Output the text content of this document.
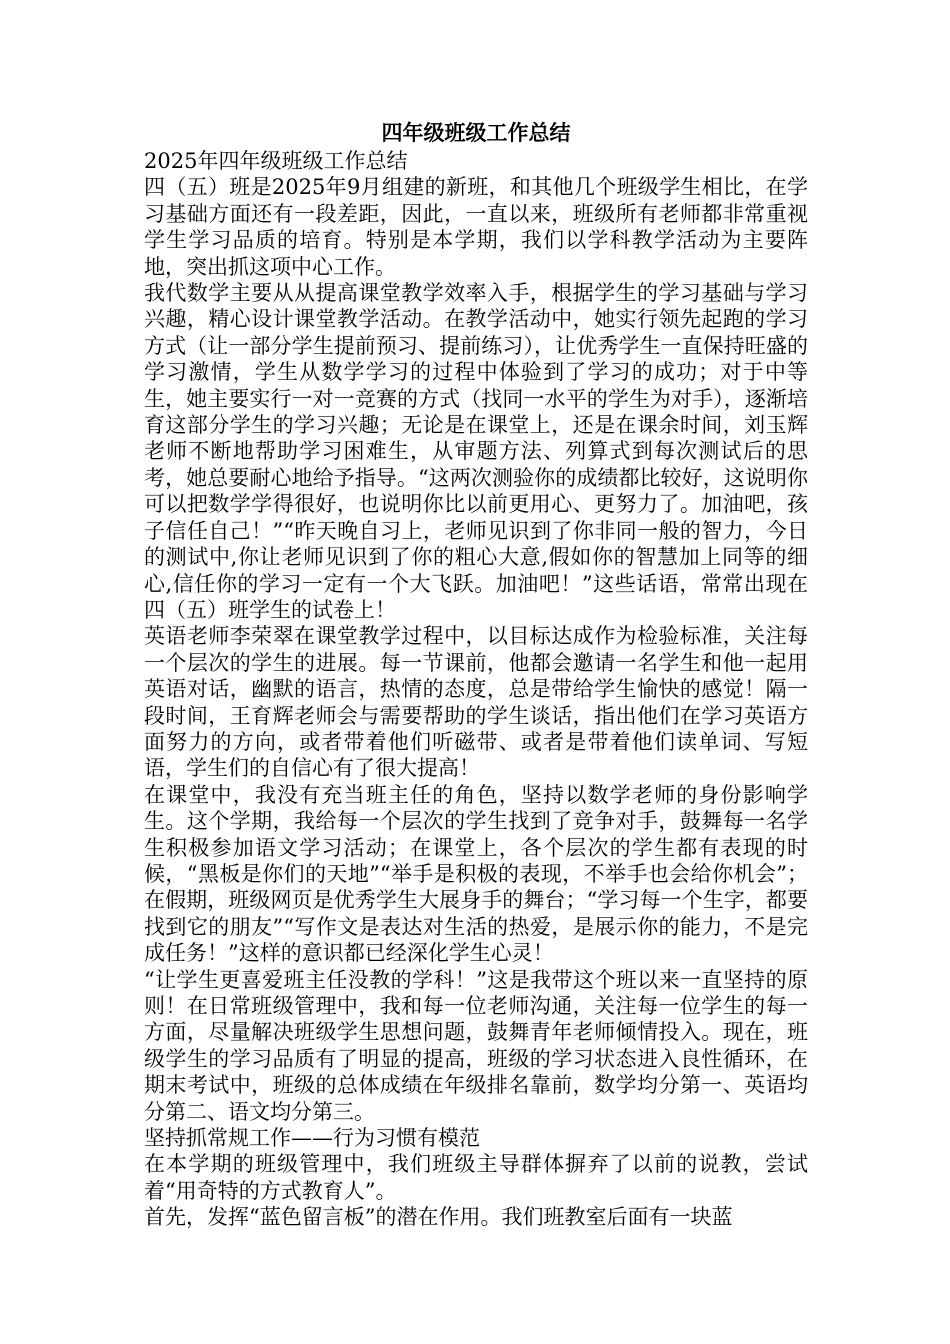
四年级班级工作总结

2025年四年级班级工作总结

四（五）班是2025年9月组建的新班，和其他几个班级学生相比，在学习基础方面还有一段差距，因此，一直以来，班级所有老师都非常重视学生学习品质的培育。特别是本学期，我们以学科教学活动为主要阵地，突出抓这项中心工作。

我代数学主要从从提高课堂教学效率入手，根据学生的学习基础与学习兴趣，精心设计课堂教学活动。在教学活动中，她实行领先起跑的学习方式（让一部分学生提前预习、提前练习），让优秀学生一直保持旺盛的学习激情，学生从数学学习的过程中体验到了学习的成功；对于中等生，她主要实行一对一竞赛的方式（找同一水平的学生为对手），逐渐培育这部分学生的学习兴趣；无论是在课堂上，还是在课余时间，刘玉辉老师不断地帮助学习困难生，从审题方法、列算式到每次测试后的思考，她总要耐心地给予指导。“这两次测验你的成绩都比较好，这说明你可以把数学学得很好，也说明你比以前更用心、更努力了。加油吧，孩子信任自己！”“昨天晚自习上，老师见识到了你非同一般的智力，今日的测试中,你让老师见识到了你的粗心大意,假如你的智慧加上同等的细心,信任你的学习一定有一个大飞跃。加油吧！”这些话语，常常出现在四（五）班学生的试卷上！

英语老师李荣翠在课堂教学过程中，以目标达成作为检验标准，关注每一个层次的学生的进展。每一节课前，他都会邀请一名学生和他一起用英语对话，幽默的语言，热情的态度，总是带给学生愉快的感觉！隔一段时间，王育辉老师会与需要帮助的学生谈话，指出他们在学习英语方面努力的方向，或者带着他们听磁带、或者是带着他们读单词、写短语，学生们的自信心有了很大提高！

在课堂中，我没有充当班主任的角色，坚持以数学老师的身份影响学生。这个学期，我给每一个层次的学生找到了竞争对手，鼓舞每一名学生积极参加语文学习活动；在课堂上，各个层次的学生都有表现的时候，“黑板是你们的天地”“举手是积极的表现，不举手也会给你机会”；在假期，班级网页是优秀学生大展身手的舞台；“学习每一个生字，都要找到它的朋友”“写作文是表达对生活的热爱，是展示你的能力，不是完成任务！”这样的意识都已经深化学生心灵！

“让学生更喜爱班主任没教的学科！”这是我带这个班以来一直坚持的原则！在日常班级管理中，我和每一位老师沟通，关注每一位学生的每一方面，尽量解决班级学生思想问题，鼓舞青年老师倾情投入。现在，班级学生的学习品质有了明显的提高，班级的学习状态进入良性循环，在期末考试中，班级的总体成绩在年级排名靠前，数学均分第一、英语均分第二、语文均分第三。

坚持抓常规工作——行为习惯有模范

在本学期的班级管理中，我们班级主导群体摒弃了以前的说教，尝试着“用奇特的方式教育人”。

首先，发挥“蓝色留言板”的潜在作用。我们班教室后面有一块蓝
